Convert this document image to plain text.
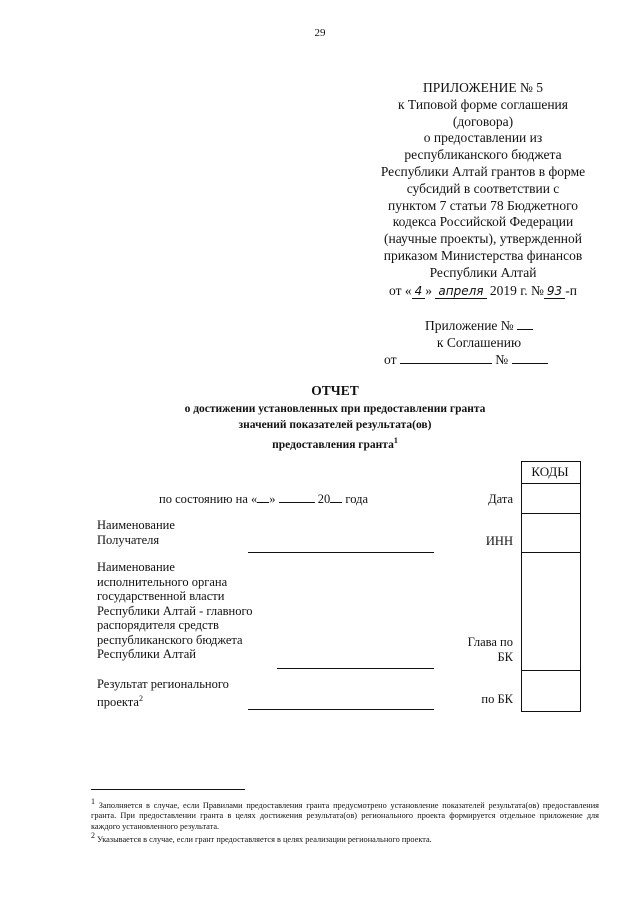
29
ПРИЛОЖЕНИЕ № 5
к Типовой форме соглашения
(договора)
о предоставлении из
республиканского бюджета
Республики Алтай грантов в форме
субсидий в соответствии с
пунктом 7 статьи 78 Бюджетного
кодекса Российской Федерации
(научные проекты), утвержденной
приказом Министерства финансов
Республики Алтай
от « 4 » апреля 2019 г. № 93 -п
Приложение №
к Соглашению
от	№
ОТЧЕТ
о достижении установленных при предоставлении гранта
значений показателей результата(ов)
предоставления гранта$^1$
КОДЫ
по состоянию на « »	20 года	Дата
Наименование
Получателя	ИНН
Наименование
исполнительного органа
государственной власти
Республики Алтай - главного
распорядителя средств
республиканского бюджета
Республики Алтай
Глава по
БК
Результат регионального
проекта$^2$	по БК
$^1$ Заполняется в случае, если Правилами предоставления гранта предусмотрено установление показателей результата(ов) предоставления гранта. При предоставлении гранта в целях достижения результата(ов) регионального проекта формируется отдельное приложение для каждого установленного результата.
$^2$ Указывается в случае, если грант предоставляется в целях реализации регионального проекта.
